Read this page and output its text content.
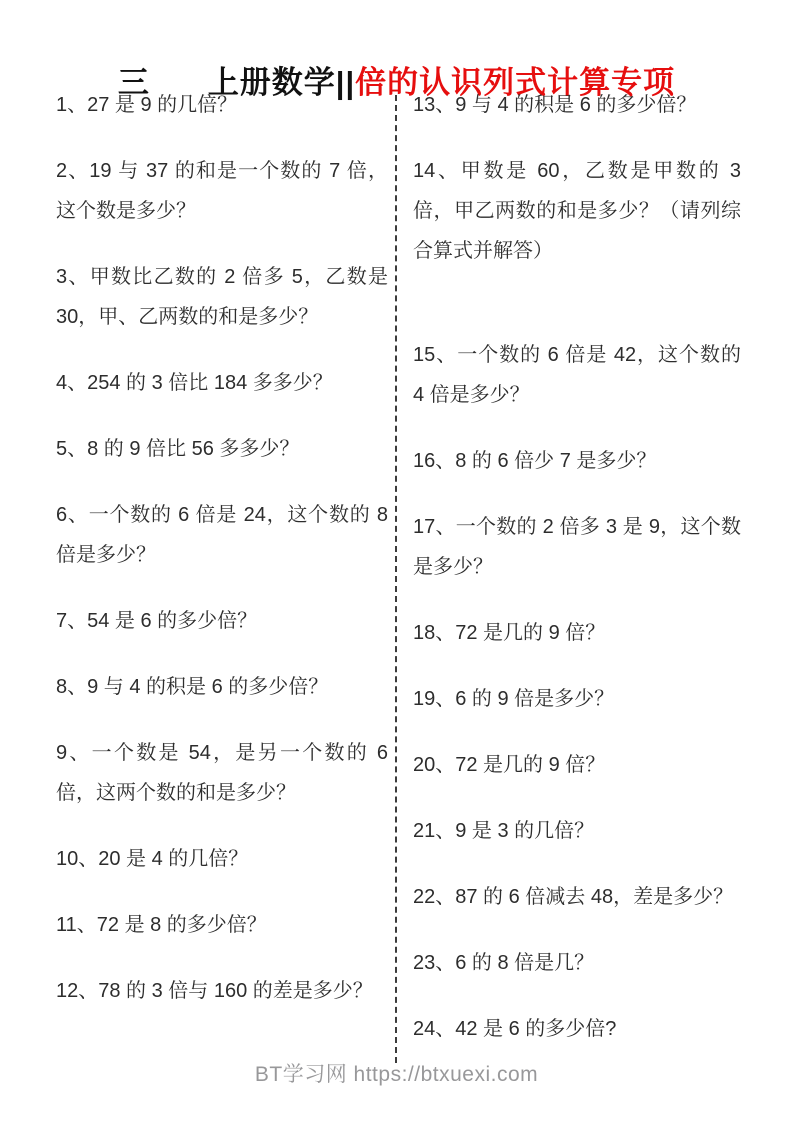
三 上册数学||倍的认识列式计算专项

1、27 是 9 的几倍？

2、19 与 37 的和是一个数的 7 倍，这个数是多少？

3、甲数比乙数的 2 倍多 5，乙数是 30，甲、乙两数的和是多少？

4、254 的 3 倍比 184 多多少？

5、8 的 9 倍比 56 多多少？

6、一个数的 6 倍是 24，这个数的 8 倍是多少？

7、54 是 6 的多少倍？

8、9 与 4 的积是 6 的多少倍？

9、一个数是 54，是另一个数的 6 倍，这两个数的和是多少？

10、20 是 4 的几倍？

11、72 是 8 的多少倍？

12、78 的 3 倍与 160 的差是多少？

13、9 与 4 的积是 6 的多少倍？

14、甲数是 60，乙数是甲数的 3 倍，甲乙两数的和是多少？（请列综合算式并解答）

15、一个数的 6 倍是 42，这个数的 4 倍是多少？

16、8 的 6 倍少 7 是多少？

17、一个数的 2 倍多 3 是 9，这个数是多少？

18、72 是几的 9 倍？

19、6 的 9 倍是多少？

20、72 是几的 9 倍？

21、9 是 3 的几倍？

22、87 的 6 倍减去 48，差是多少？

23、6 的 8 倍是几？

24、42 是 6 的多少倍?

BT学习网 https://btxuexi.com
